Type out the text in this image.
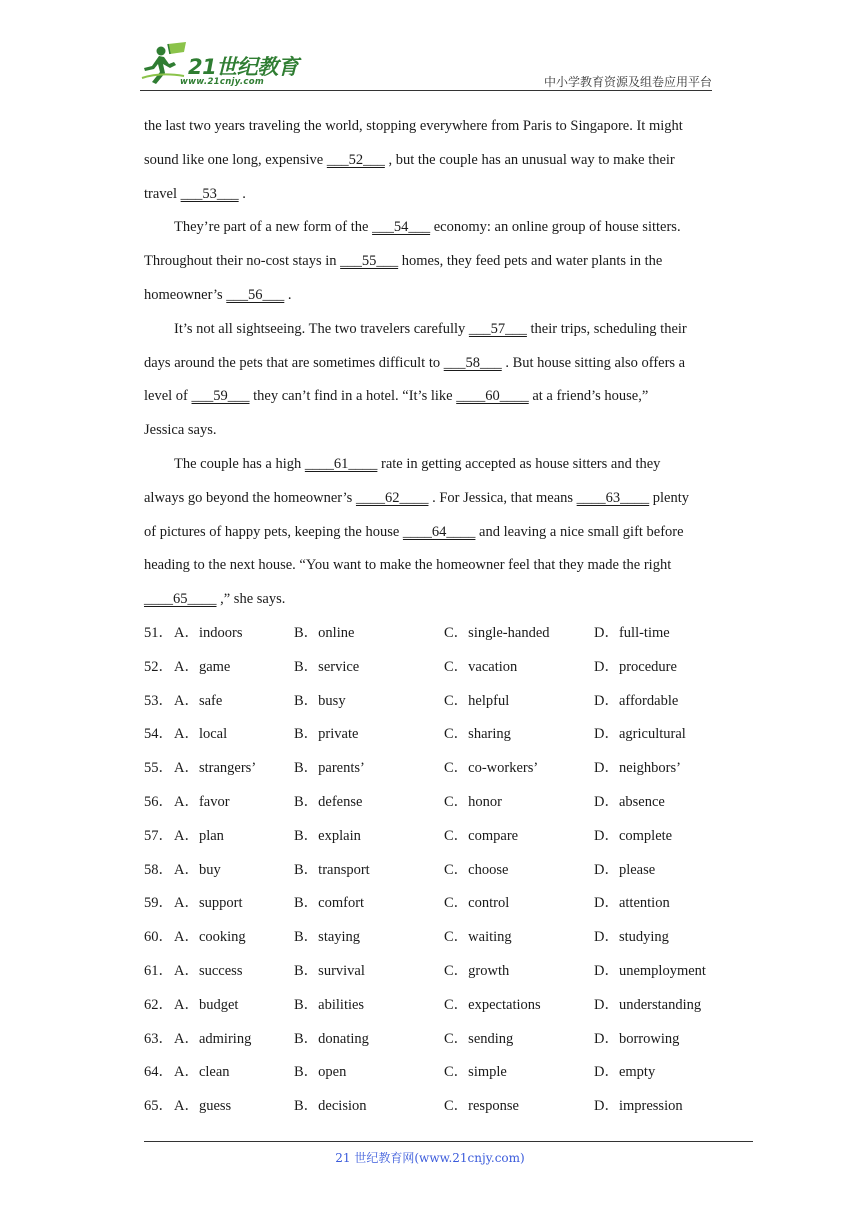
21世纪教育
www.21cnjy.com	中小学教育资源及组卷应用平台
the last two years traveling the world, stopping everywhere from Paris to Singapore. It might
sound like one long, expensive ___52___ , but the couple has an unusual way to make their
travel ___53___ .
They’re part of a new form of the ___54___ economy: an online group of house sitters.
Throughout their no-cost stays in ___55___ homes, they feed pets and water plants in the
homeowner’s ___56___ .
It’s not all sightseeing. The two travelers carefully ___57___ their trips, scheduling their
days around the pets that are sometimes difficult to ___58___ . But house sitting also offers a
level of ___59___ they can’t find in a hotel. “It’s like ____60____ at a friend’s house,”
Jessica says.
The couple has a high ____61____ rate in getting accepted as house sitters and they
always go beyond the homeowner’s ____62____ . For Jessica, that means ____63____ plenty
of pictures of happy pets, keeping the house ____64____ and leaving a nice small gift before
heading to the next house. “You want to make the homeowner feel that they made the right
____65____ ,” she says.
51． A．indoors	B．online	C．single-handed	D．full-time
52． A．game	B．service	C．vacation	D．procedure
53． A．safe	B．busy	C．helpful	D．affordable
54． A．local	B．private	C．sharing	D．agricultural
55． A．strangers’	B．parents’	C．co-workers’	D．neighbors’
56． A．favor	B．defense	C．honor	D．absence
57． A．plan	B．explain	C．compare	D．complete
58． A．buy	B．transport	C．choose	D．please
59． A．support	B．comfort	C．control	D．attention
60． A．cooking	B．staying	C．waiting	D．studying
61． A．success	B．survival	C．growth	D．unemployment
62． A．budget	B．abilities	C．expectations	D．understanding
63． A．admiring	B．donating	C．sending	D．borrowing
64． A．clean	B．open	C．simple	D．empty
65． A．guess	B．decision	C．response	D．impression
21 世纪教育网(www.21cnjy.com)
